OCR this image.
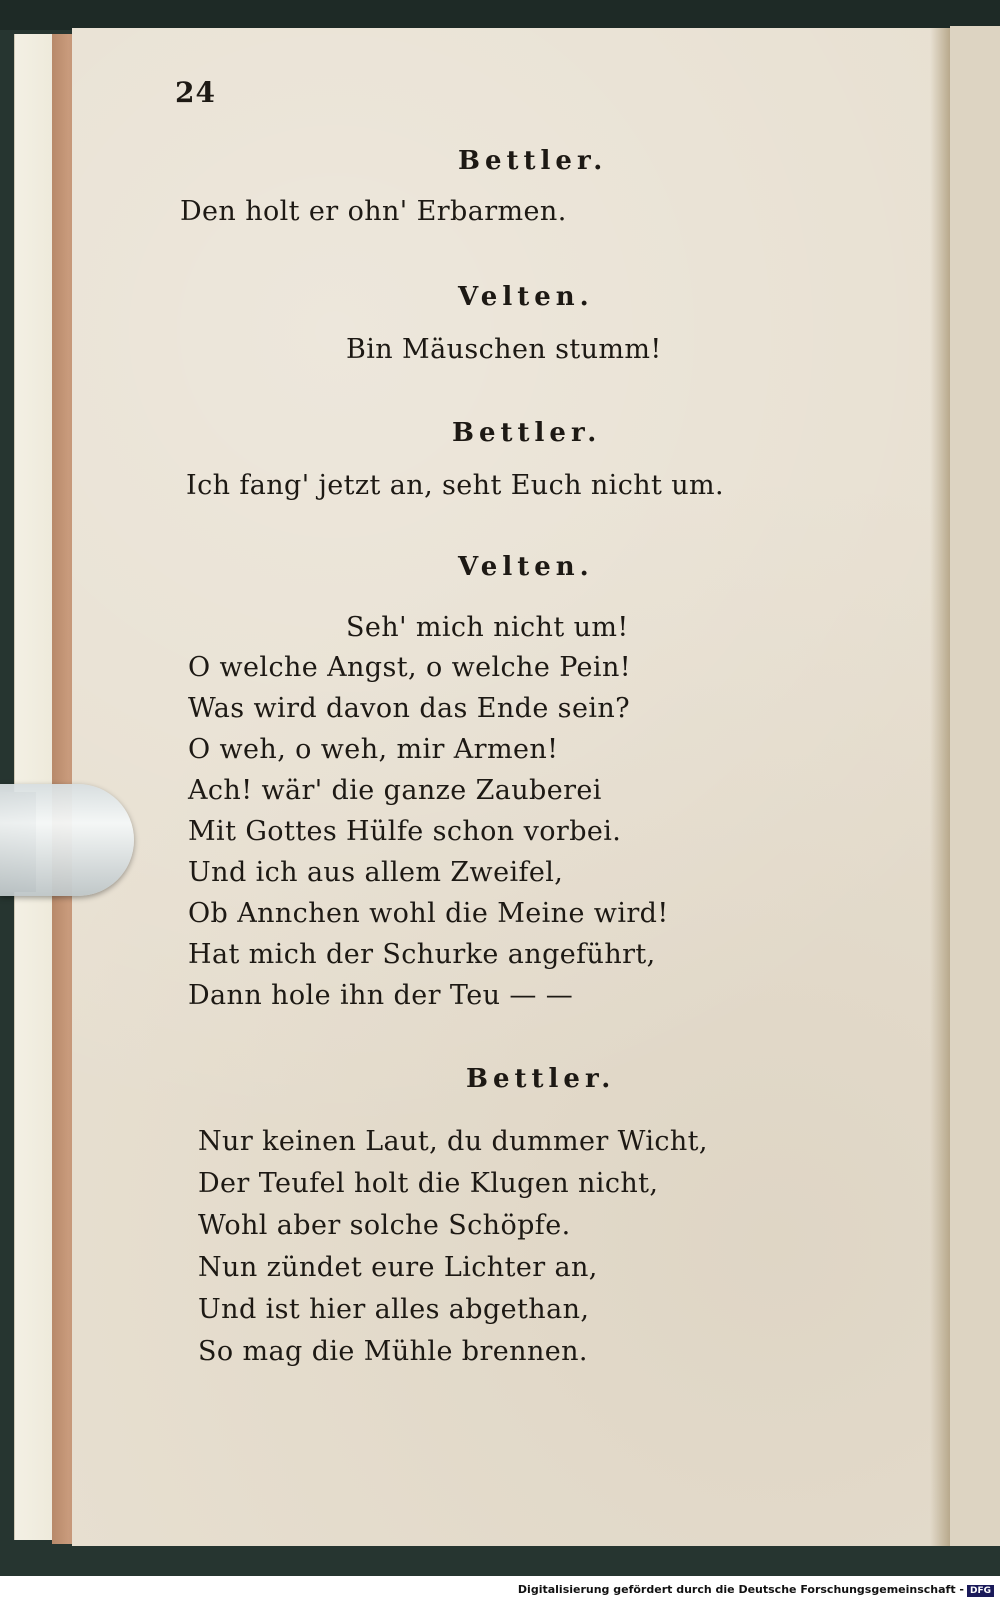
24
Bettler.
Den holt er ohn' Erbarmen.
Velten.
Bin Mäuschen stumm!
Bettler.
Ich fang' jetzt an, seht Euch nicht um.
Velten.
Seh' mich nicht um!
O welche Angst, o welche Pein!
Was wird davon das Ende sein?
O weh, o weh, mir Armen!
Ach! wär' die ganze Zauberei
Mit Gottes Hülfe schon vorbei.
Und ich aus allem Zweifel,
Ob Annchen wohl die Meine wird!
Hat mich der Schurke angeführt,
Dann hole ihn der Teu — —
Bettler.
Nur keinen Laut, du dummer Wicht,
Der Teufel holt die Klugen nicht,
Wohl aber solche Schöpfe.
Nun zündet eure Lichter an,
Und ist hier alles abgethan,
So mag die Mühle brennen.
Digitalisierung gefördert durch die Deutsche Forschungsgemeinschaft - DFG
